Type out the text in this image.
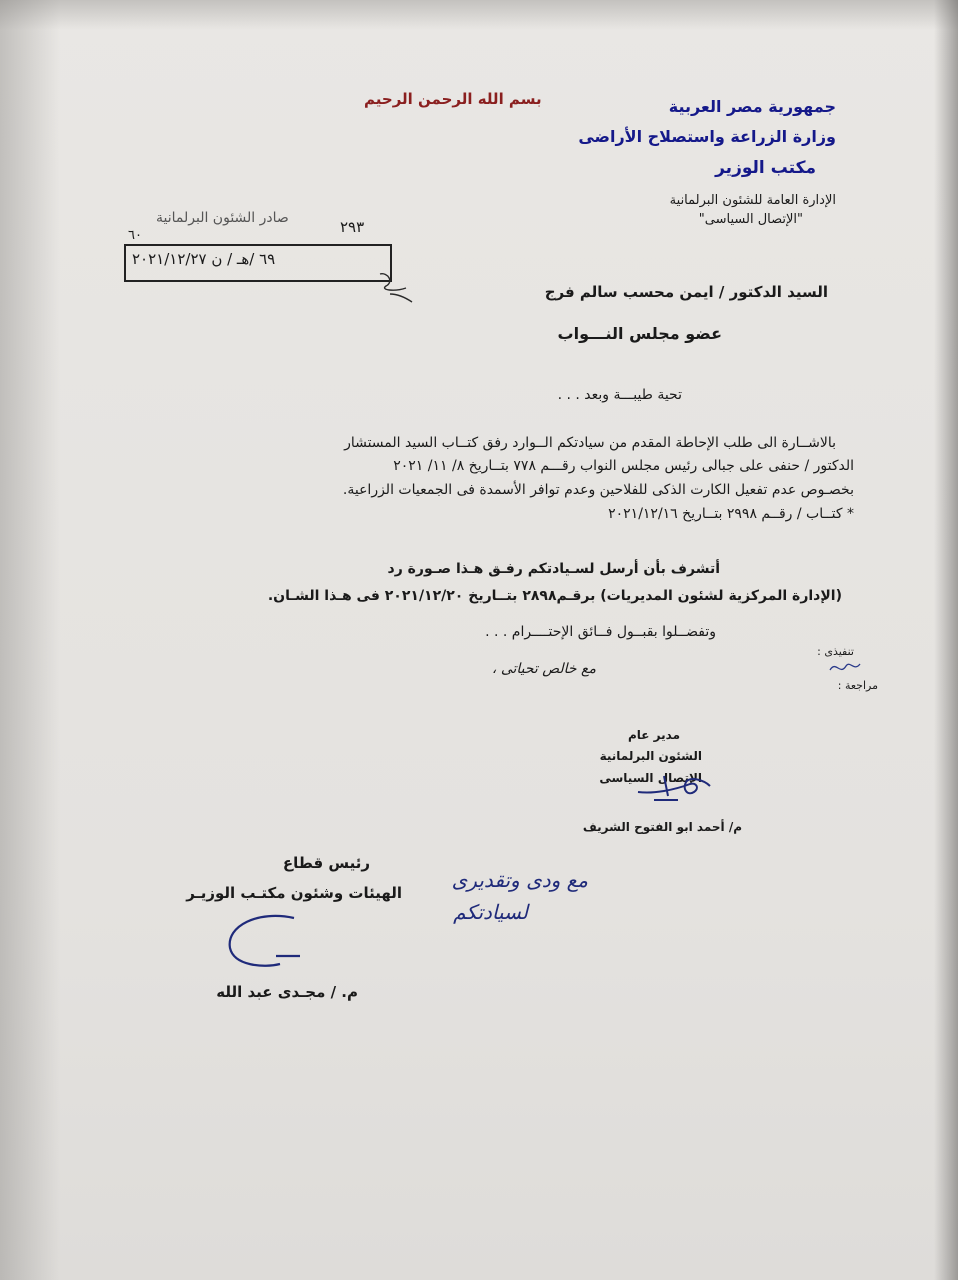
بسم الله الرحمن الرحيم	جمهورية مصر العربية
وزارة الزراعة واستصلاح الأراضى
مكتب الوزير
الإدارة العامة للشئون البرلمانية
"الإتصال السياسى"
صادر الشئون البرلمانية	٢٩٣
٦٠
٦٩ /هـ / ن ٢٠٢١/١٢/٢٧
السيد الدكتور / ايمن محسب سالم فرج
عضو مجلس النـــواب
تحية طيبـــة وبعد . . .
بالاشــارة الى طلب الإحاطة المقدم من سيادتكم الــوارد رفق كتــاب السيد المستشار
الدكتور / حنفى على جبالى رئيس مجلس النواب رقـــم ٧٧٨ بتــاريخ ٨/ ١١/ ٢٠٢١
بخصـوص عدم تفعيل الكارت الذكى للفلاحين وعدم توافر الأسمدة فى الجمعيات الزراعية.
* كتــاب / رقــم ٢٩٩٨ بتــاريخ ٢٠٢١/١٢/١٦
أتشرف بأن أرسل لسـيادتكم رفـق هـذا صـورة رد
(الإدارة المركزية لشئون المديريات) برقـم٢٨٩٨ بتــاريخ ٢٠٢١/١٢/٢٠ فى هـذا الشـان.
وتفضــلوا بقبــول فــائق الإحتــــرام . . .
مع خالص تحياتى ،
تنفيذى :
مراجعة :
مدير عام
الشئون البرلمانية
الإتصال السياسى
م/ أحمد ابو الفتوح الشريف
مع ودى وتقديرى
لسيادتكم
رئيس قطاع
الهيئات وشئون مكتـب الوزيـر
م. / مجـدى عبد الله
